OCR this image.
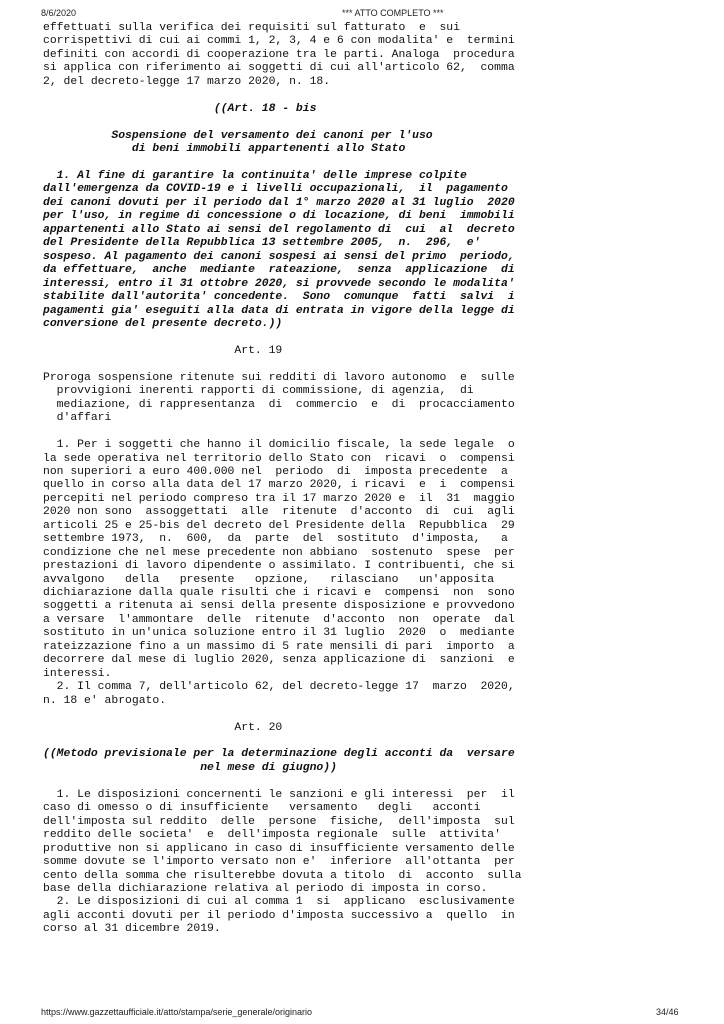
8/6/2020	*** ATTO COMPLETO ***
effettuati sulla verifica dei requisiti sul fatturato  e  sui
corrispettivi di cui ai commi 1, 2, 3, 4 e 6 con modalita' e  termini
definiti con accordi di cooperazione tra le parti. Analoga  procedura
si applica con riferimento ai soggetti di cui all'articolo 62,  comma
2, del decreto-legge 17 marzo 2020, n. 18.

((Art. 18 - bis

Sospensione del versamento dei canoni per l'uso
di beni immobili appartenenti allo Stato

1. Al fine di garantire la continuita' delle imprese colpite
dall'emergenza da COVID-19 e i livelli occupazionali,  il  pagamento
dei canoni dovuti per il periodo dal 1° marzo 2020 al 31 luglio  2020
per l'uso, in regime di concessione o di locazione, di beni  immobili
appartenenti allo Stato ai sensi del regolamento di  cui  al  decreto
del Presidente della Repubblica 13 settembre 2005,  n.  296,  e'
sospeso. Al pagamento dei canoni sospesi ai sensi del primo  periodo,
da effettuare,  anche  mediante  rateazione,  senza  applicazione  di
interessi, entro il 31 ottobre 2020, si provvede secondo le modalita'
stabilite dall'autorita' concedente.  Sono  comunque  fatti  salvi  i
pagamenti gia' eseguiti alla data di entrata in vigore della legge di
conversione del presente decreto.))

Art. 19

Proroga sospensione ritenute sui redditi di lavoro autonomo  e  sulle
provvigioni inerenti rapporti di commissione, di agenzia,  di
mediazione, di rappresentanza  di  commercio  e  di  procacciamento
d'affari

1. Per i soggetti che hanno il domicilio fiscale, la sede legale  o
la sede operativa nel territorio dello Stato con  ricavi  o  compensi
non superiori a euro 400.000 nel  periodo  di  imposta precedente  a
quello in corso alla data del 17 marzo 2020, i ricavi  e  i  compensi
percepiti nel periodo compreso tra il 17 marzo 2020 e  il  31  maggio
2020 non sono  assoggettati  alle  ritenute  d'acconto  di  cui  agli
articoli 25 e 25-bis del decreto del Presidente della  Repubblica  29
settembre 1973,  n.  600,  da  parte  del  sostituto  d'imposta,   a
condizione che nel mese precedente non abbiano  sostenuto  spese  per
prestazioni di lavoro dipendente o assimilato. I contribuenti, che si
avvalgono   della   presente   opzione,   rilasciano   un'apposita
dichiarazione dalla quale risulti che i ricavi e  compensi  non  sono
soggetti a ritenuta ai sensi della presente disposizione e provvedono
a versare  l'ammontare  delle  ritenute  d'acconto  non  operate  dal
sostituto in un'unica soluzione entro il 31 luglio  2020  o  mediante
rateizzazione fino a un massimo di 5 rate mensili di pari  importo  a
decorrere dal mese di luglio 2020, senza applicazione di  sanzioni  e
interessi.
2. Il comma 7, dell'articolo 62, del decreto-legge 17  marzo  2020,
n. 18 e' abrogato.

Art. 20

((Metodo previsionale per la determinazione degli acconti da  versare
nel mese di giugno))

1. Le disposizioni concernenti le sanzioni e gli interessi  per  il
caso di omesso o di insufficiente   versamento   degli   acconti
dell'imposta sul reddito  delle  persone  fisiche,  dell'imposta  sul
reddito delle societa'  e  dell'imposta regionale  sulle  attivita'
produttive non si applicano in caso di insufficiente versamento delle
somme dovute se l'importo versato non e'  inferiore  all'ottanta  per
cento della somma che risulterebbe dovuta a titolo  di  acconto  sulla
base della dichiarazione relativa al periodo di imposta in corso.
2. Le disposizioni di cui al comma 1  si  applicano  esclusivamente
agli acconti dovuti per il periodo d'imposta successivo a  quello  in
corso al 31 dicembre 2019.
https://www.gazzettaufficiale.it/atto/stampa/serie_generale/originario	34/46
